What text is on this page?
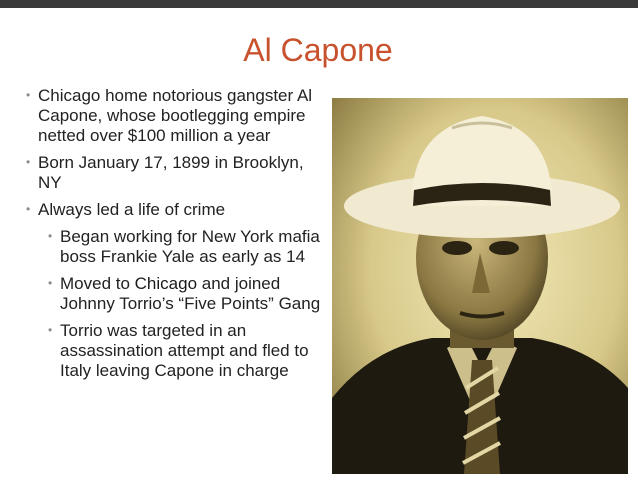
Al Capone
• Chicago home notorious gangster Al Capone, whose bootlegging empire netted over $100 million a year
• Born January 17, 1899 in Brooklyn, NY
• Always led a life of crime
• Began working for New York mafia boss Frankie Yale as early as 14
• Moved to Chicago and joined Johnny Torrio’s “Five Points” Gang
• Torrio was targeted in an assassination attempt and fled to Italy leaving Capone in charge
